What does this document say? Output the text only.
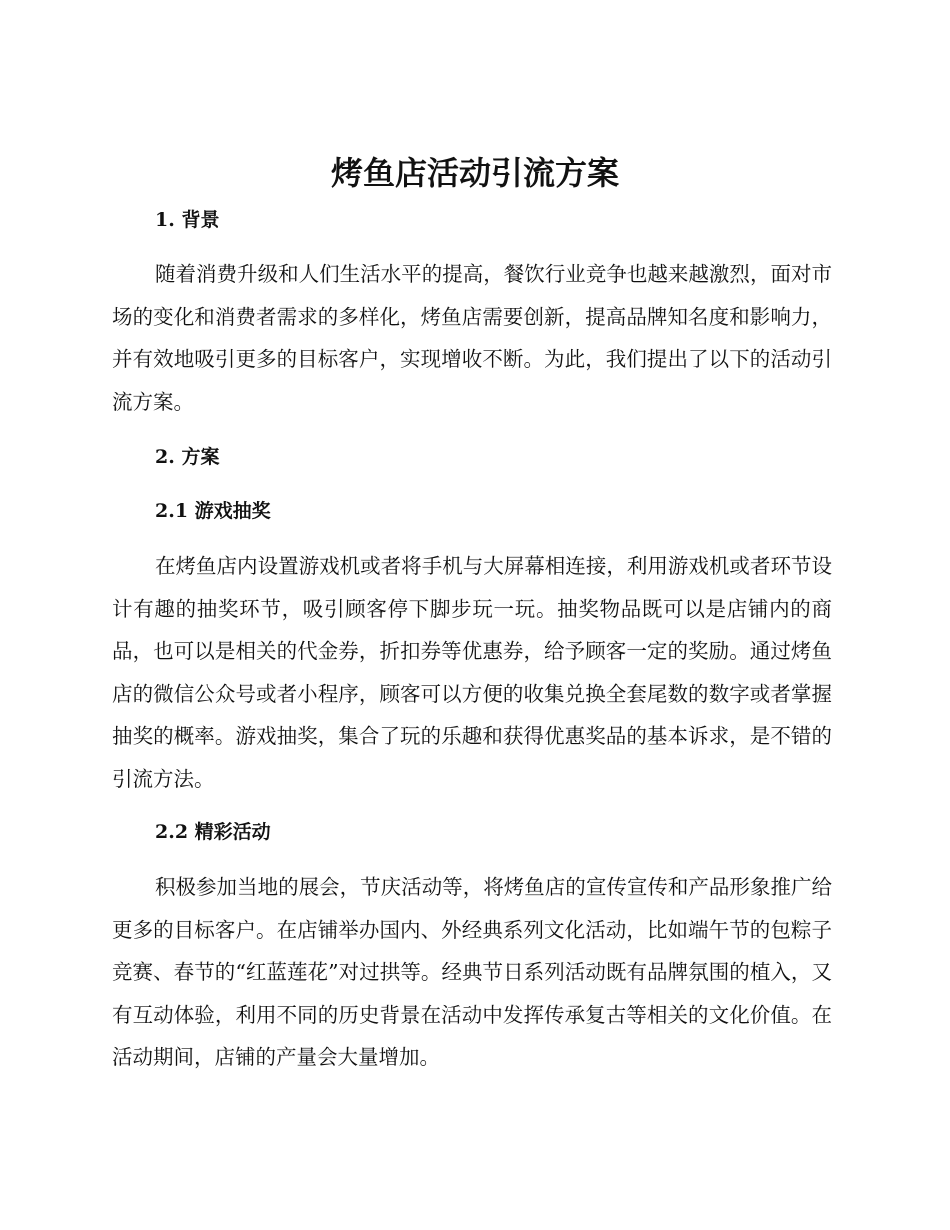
烤鱼店活动引流方案
1. 背景
随着消费升级和人们生活水平的提高，餐饮行业竞争也越来越激烈，面对市场的变化和消费者需求的多样化，烤鱼店需要创新，提高品牌知名度和影响力，并有效地吸引更多的目标客户，实现增收不断。为此，我们提出了以下的活动引流方案。
2. 方案
2.1 游戏抽奖
在烤鱼店内设置游戏机或者将手机与大屏幕相连接，利用游戏机或者环节设计有趣的抽奖环节，吸引顾客停下脚步玩一玩。抽奖物品既可以是店铺内的商品，也可以是相关的代金券，折扣券等优惠券，给予顾客一定的奖励。通过烤鱼店的微信公众号或者小程序，顾客可以方便的收集兑换全套尾数的数字或者掌握抽奖的概率。游戏抽奖，集合了玩的乐趣和获得优惠奖品的基本诉求，是不错的引流方法。
2.2 精彩活动
积极参加当地的展会，节庆活动等，将烤鱼店的宣传宣传和产品形象推广给更多的目标客户。在店铺举办国内、外经典系列文化活动，比如端午节的包粽子竞赛、春节的“红蓝莲花”对过拱等。经典节日系列活动既有品牌氛围的植入，又有互动体验，利用不同的历史背景在活动中发挥传承复古等相关的文化价值。在活动期间，店铺的产量会大量增加。
